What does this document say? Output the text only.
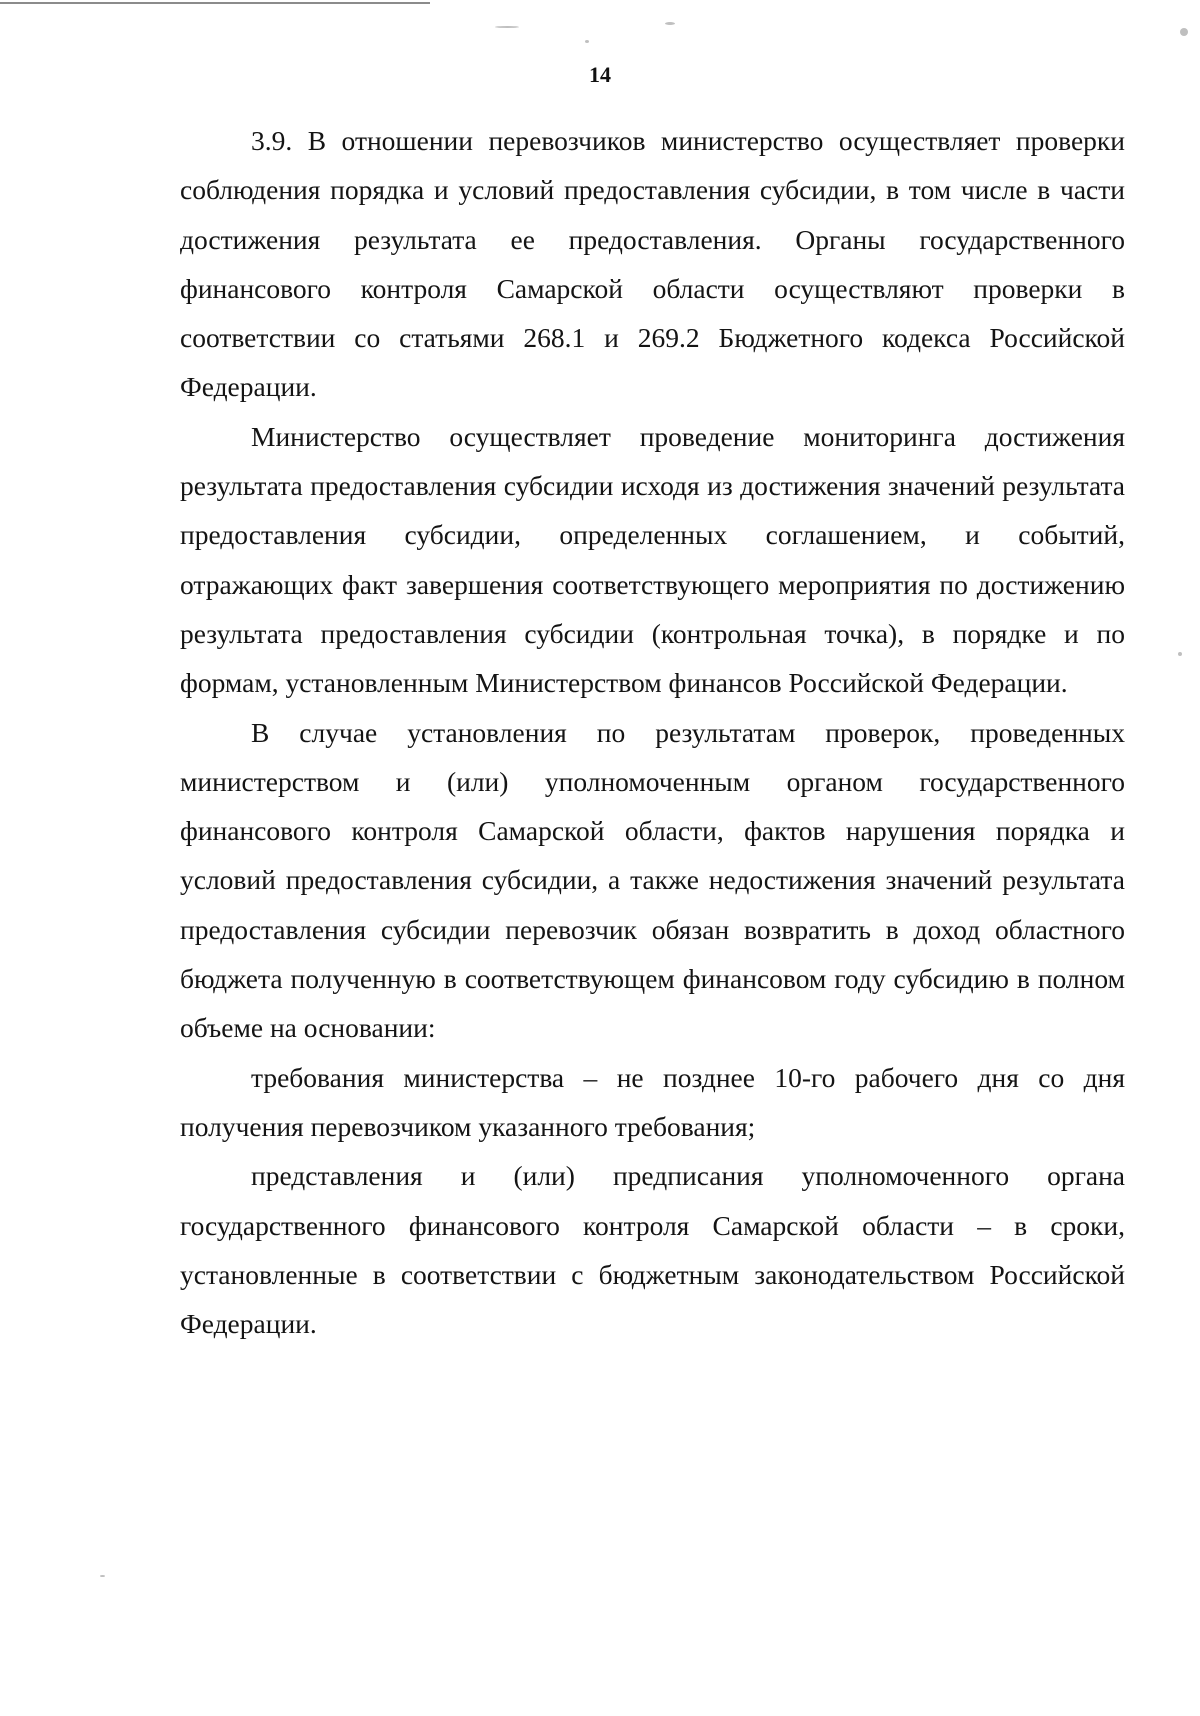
14

3.9. В отношении перевозчиков министерство осуществляет проверки соблюдения порядка и условий предоставления субсидии, в том числе в части достижения результата ее предоставления. Органы государственного финансового контроля Самарской области осуществляют проверки в соответствии со статьями 268.1 и 269.2 Бюджетного кодекса Российской Федерации.

Министерство осуществляет проведение мониторинга достижения результата предоставления субсидии исходя из достижения значений результата предоставления субсидии, определенных соглашением, и событий, отражающих факт завершения соответствующего мероприятия по достижению результата предоставления субсидии (контрольная точка), в порядке и по формам, установленным Министерством финансов Российской Федерации.

В случае установления по результатам проверок, проведенных министерством и (или) уполномоченным органом государственного финансового контроля Самарской области, фактов нарушения порядка и условий предоставления субсидии, а также недостижения значений результата предоставления субсидии перевозчик обязан возвратить в доход областного бюджета полученную в соответствующем финансовом году субсидию в полном объеме на основании:

требования министерства – не позднее 10-го рабочего дня со дня получения перевозчиком указанного требования;

представления и (или) предписания уполномоченного органа государственного финансового контроля Самарской области – в сроки, установленные в соответствии с бюджетным законодательством Российской Федерации.
